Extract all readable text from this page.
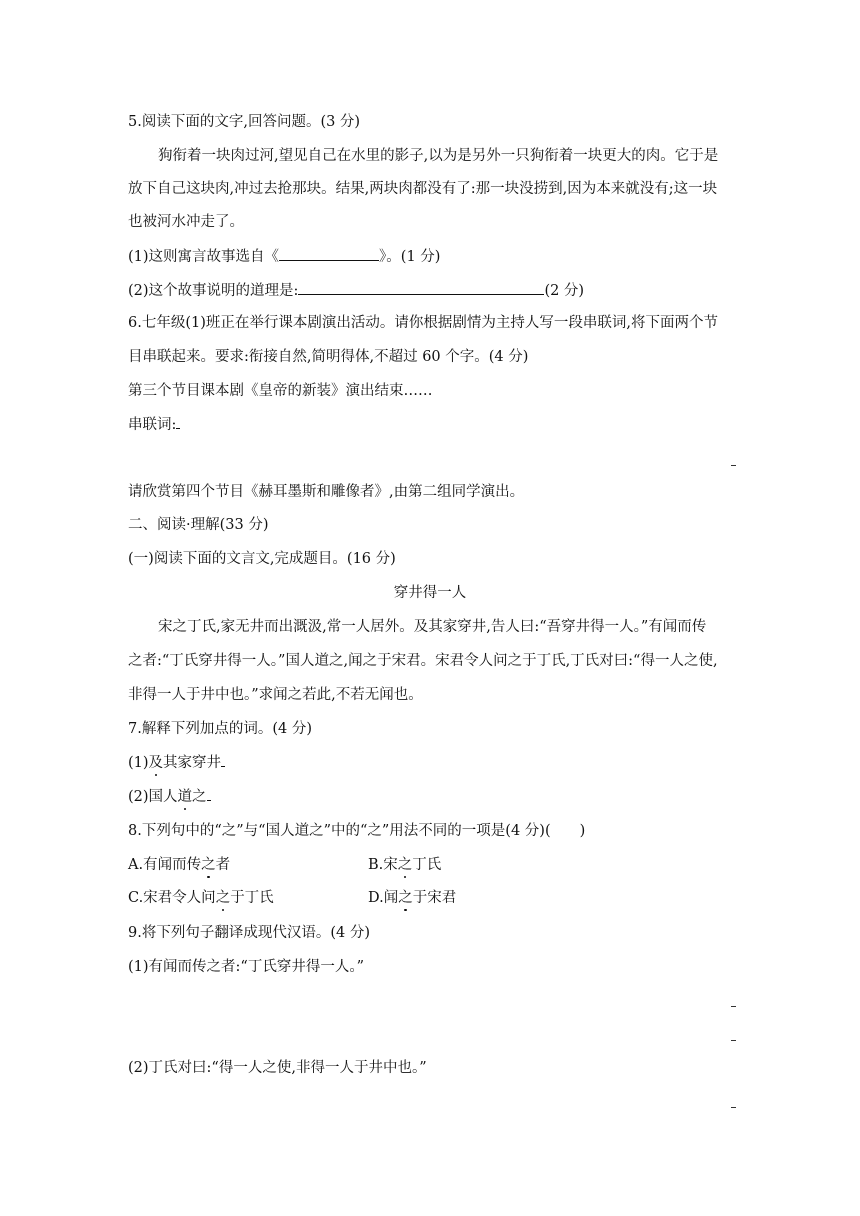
5.阅读下面的文字,回答问题。(3 分)
狗衔着一块肉过河,望见自己在水里的影子,以为是另外一只狗衔着一块更大的肉。它于是
放下自己这块肉,冲过去抢那块。结果,两块肉都没有了:那一块没捞到,因为本来就没有;这一块
也被河水冲走了。
(1)这则寓言故事选自《	》。(1 分)
(2)这个故事说明的道理是:	(2 分)
6.七年级(1)班正在举行课本剧演出活动。请你根据剧情为主持人写一段串联词,将下面两个节
目串联起来。要求:衔接自然,简明得体,不超过 60 个字。(4 分)
第三个节目课本剧《皇帝的新装》演出结束……
串联词:
请欣赏第四个节目《赫耳墨斯和雕像者》,由第二组同学演出。
二、阅读·理解(33 分)
(一)阅读下面的文言文,完成题目。(16 分)
穿井得一人
宋之丁氏,家无井而出溉汲,常一人居外。及其家穿井,告人曰:“吾穿井得一人。”有闻而传
之者:“丁氏穿井得一人。”国人道之,闻之于宋君。宋君令人问之于丁氏,丁氏对曰:“得一人之使,
非得一人于井中也。”求闻之若此,不若无闻也。
7.解释下列加点的词。(4 分)
(1)及其家穿井
(2)国人道之
8.下列句中的“之”与“国人道之”中的“之”用法不同的一项是(4 分)(　　)
A.有闻而传之者	B.宋之丁氏
C.宋君令人问之于丁氏	D.闻之于宋君
9.将下列句子翻译成现代汉语。(4 分)
(1)有闻而传之者:“丁氏穿井得一人。”
(2)丁氏对曰:“得一人之使,非得一人于井中也。”
